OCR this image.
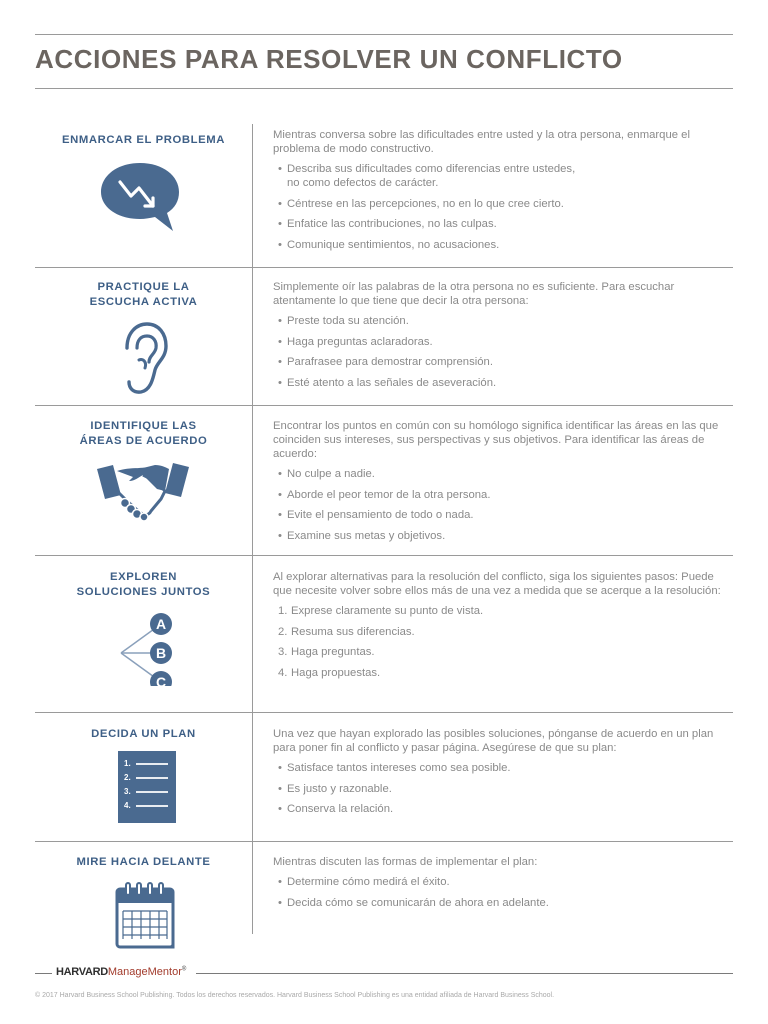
ACCIONES PARA RESOLVER UN CONFLICTO
ENMARCAR EL PROBLEMA	Mientras conversa sobre las dificultades entre usted y la otra persona, enmarque el problema de modo constructivo.

• Describa sus dificultades como diferencias entre ustedes,
no como defectos de carácter.
• Céntrese en las percepciones, no en lo que cree cierto.
• Enfatice las contribuciones, no las culpas.
• Comunique sentimientos, no acusaciones.
PRACTIQUE LA
ESCUCHA ACTIVA

Simplemente oír las palabras de la otra persona no es suficiente. Para escuchar atentamente lo que tiene que decir la otra persona:

• Preste toda su atención.
• Haga preguntas aclaradoras.
• Parafrasee para demostrar comprensión.
• Esté atento a las señales de aseveración.
IDENTIFIQUE LAS
ÁREAS DE ACUERDO

Encontrar los puntos en común con su homólogo significa identificar las áreas en las que coinciden sus intereses, sus perspectivas y sus objetivos. Para identificar las áreas de acuerdo:

• No culpe a nadie.
• Aborde el peor temor de la otra persona.
• Evite el pensamiento de todo o nada.
• Examine sus metas y objetivos.
EXPLOREN
SOLUCIONES JUNTOS
A
B
C

Al explorar alternativas para la resolución del conflicto, siga los siguientes pasos: Puede que necesite volver sobre ellos más de una vez a medida que se acerque a la resolución:

1. Exprese claramente su punto de vista.
2. Resuma sus diferencias.
3. Haga preguntas.
4. Haga propuestas.
DECIDA UN PLAN
1.
2.
3.
4.

Una vez que hayan explorado las posibles soluciones, pónganse de acuerdo en un plan para poner fin al conflicto y pasar página. Asegúrese de que su plan:

• Satisface tantos intereses como sea posible.
• Es justo y razonable.
• Conserva la relación.
MIRE HACIA DELANTE	Mientras discuten las formas de implementar el plan:

• Determine cómo medirá el éxito.
• Decida cómo se comunicarán de ahora en adelante.
HARVARDManageMentor®
© 2017 Harvard Business School Publishing. Todos los derechos reservados. Harvard Business School Publishing es una entidad afiliada de Harvard Business School.
